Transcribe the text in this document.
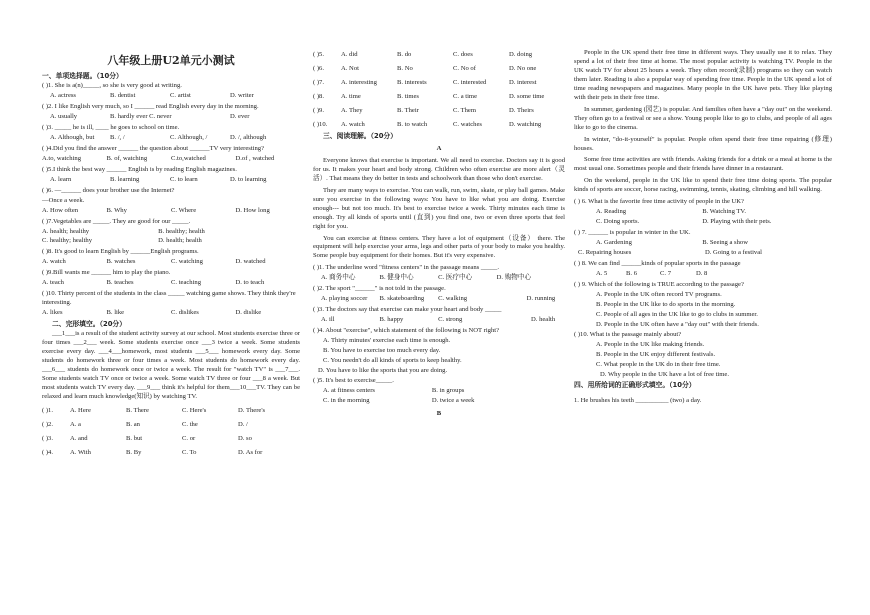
八年级上册U2单元小测试
一、单项选择题。（10分）

( )1. She is a(n)_____, so she is very good at writing.

A. actress	B. dentist	C. artist	D. writer

( )2. I like English very much, so I ______ read English every day in the morning.

A. usually	B. hardly ever C. never	D. ever

( )3. _____ he is ill, ____ he goes to school on time.

A. Although, but	B. /, /	C. Although, /	D. /, although

( )4.Did you find the answer ______ the question about ______TV very interesting?

A.to, watching	B. of, watching	C.to,watched	D.of , watched

( )5.I think the best way ______ English is by reading English magazines.

A. learn	B. learning	C. to learn	D. to learning

( )6. —______ does your brother use the Internet?

—Once a week.

A. How often	B. Why	C. Where	D. How long

( )7.Vegetables are _____. They are good for our _____.

A. health; healthy	B. healthy; health
C. healthy; healthy	D. health; health

( )8. It's good to learn English by ______English programs.

A. watch	B. watches	C. watching	D. watched

( )9.Bill wants me ______ him to play the piano.

A. teach	B. teaches	C. teaching	D. to teach

( )10. Thirty percent of the students in the class _____ watching game shows. They think they're interesting.

A. likes	B. like	C. dislikes	D. dislike
二、完形填空。（20分）

___1___is a result of the student activity survey at our school. Most students exercise three or four times ___2___ week. Some students exercise once ___3 twice a week. Some students exercise every day. ___4___homework, most students ___5___ homework every day. Some students do homework three or four times a week. Most students do homework every day. ___6___ students do homework once or twice a week. The result for "watch TV" is ___7___. Some students watch TV once or twice a week. Some watch TV three or four ___8 a week. But most students watch TV every day. ___9___ think it's helpful for them___10___TV. They can be relaxed and learn much knowledge(知识) by watching TV.

( )1.	A. Here	B. There	C. Here's	D. There's
( )2.	A. a	B. an	C. the	D. /
( )3.	A. and	B. but	C. or	D. so
( )4.	A. With	B. By	C. To	D. As for
( )5.	A. did	B. do	C. does	D. doing
( )6.	A. Not	B. No	C. No of	D. No one
( )7.	A. interesting	B. interests	C. interested	D. interest
( )8.	A. time	B. times	C. a time	D. some time
( )9.	A. They	B. Their	C. Them	D. Theirs
( )10.	A. watch	B. to watch	C. watches	D. watching
三、阅读理解。（20分）
A

Everyone knows that exercise is important. We all need to exercise. Doctors say it is good for us. It makes your heart and body strong. Children who often exercise are more alert（灵活）. That means they do better in tests and schoolwork than those who don't exercise.

They are many ways to exercise. You can walk, run, swim, skate, or play ball games. Make sure you exercise in the following ways: You have to like what you are doing. Exercise enough--- but not too much. It's best to exercise twice a week. Thirty minutes each time is enough. Try all kinds of sports until (直到) you find one, two or even three sports that feel right for you.

You can exercise at fitness centers. They have a lot of equipment（设备） there. The equipment will help exercise your arms, legs and other parts of your body to make you healthy. Some people buy equipment for their homes. But it's very expensive.

( )1. The underline word "fitness centers" in the passage means _____.

A. 商务中心	B. 健身中心	C. 医疗中心	D. 购物中心

( )2. The sport "______" is not told in the passage.

A. playing soccer	B. skateboarding	C. walking	D. running

( )3. The doctors say that exercise can make your heart and body _____

A. ill	B. happy	C. strong	D. health

( )4. About "exercise", which statement of the following is NOT right?

A. Thirty minutes' exercise each time is enough.

B. You have to exercise too much every day.

C. You needn't do all kinds of sports to keep healthy.

D. You have to like the sports that you are doing.

( )5. It's best to exercise_____.

A. at fitness centers	B. in groups
C. in the morning	D. twice a week
B

People in the UK spend their free time in different ways. They usually use it to relax. They spend a lot of their free time at home. The most popular activity is watching TV. People in the UK watch TV for about 25 hours a week. They often record(录制) programs so they can watch them later. Reading is also a popular way of spending free time. People in the UK spend a lot of time reading newspapers and magazines. Many people in the UK have pets. They like playing with their pets in their free time.

In summer, gardening (园艺) is popular. And families often have a "day out" on the weekend. They often go to a festival or see a show. Young people like to go to clubs, and people of all ages like to go to the cinema.

In winter, "do-it-yourself" is popular. People often spend their free time repairing (修理) houses.

Some free time activities are with friends. Asking friends for a drink or a meal at home is the most usual one. Sometimes people and their friends have dinner in a restaurant.

On the weekend, people in the UK like to spend their free time doing sports. The popular kinds of sports are soccer, horse racing, swimming, tennis, skating, climbing and hill walking.

( ) 6. What is the favorite free time activity of people in the UK?

A. Reading	B. Watching TV.
C. Doing sports.	D. Playing with their pets.

( ) 7. ______ is popular in winter in the UK.

A. Gardening	B. Seeing a show
C. Repairing houses	D. Going to a festival

( ) 8. We can find ______kinds of popular sports in the passage

A. 5	B. 6	C. 7	D. 8

( ) 9. Which of the following is TRUE according to the passage?

A. People in the UK often record TV programs.

B. People in the UK like to do sports in the morning.

C. People of all ages in the UK like to go to clubs in summer.

D. People in the UK often have a "day out" with their friends.

( )10. What is the passage mainly about?

A. People in the UK like making friends.

B. People in the UK enjoy different festivals.

C. What people in the UK do in their free time.

D. Why people in the UK have a lot of free time.

四、用所给词的正确形式填空。（10分）

1. He brushes his teeth __________ (two) a day.
